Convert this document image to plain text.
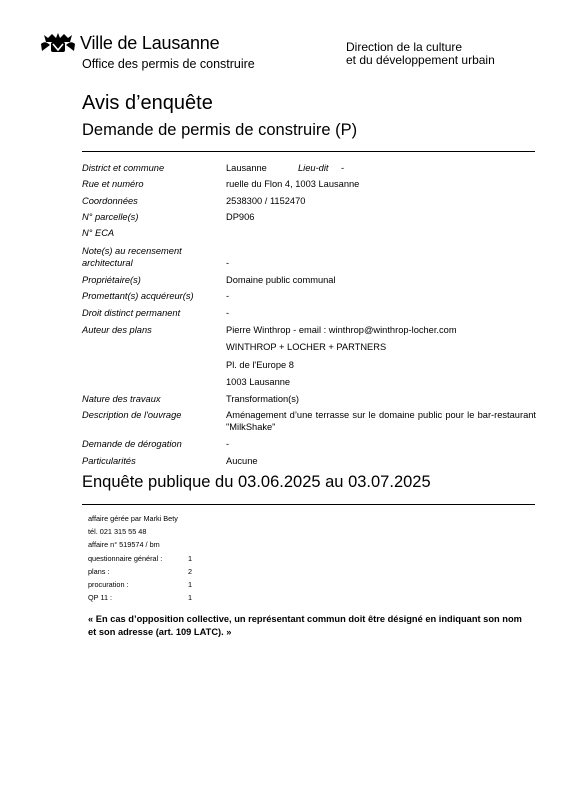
Ville de Lausanne
Office des permis de construire
Direction de la culture
et du développement urbain
Avis d’enquête
Demande de permis de construire (P)
District et commune	Lausanne	Lieu-dit -
Rue et numéro	ruelle du Flon 4, 1003 Lausanne
Coordonnées	2538300 / 1152470
N° parcelle(s)	DP906
N° ECA
Note(s) au recensement architectural	-
Propriétaire(s)	Domaine public communal
Promettant(s) acquéreur(s)	-
Droit distinct permanent	-
Auteur des plans	Pierre Winthrop - email : winthrop@winthrop-locher.com
WINTHROP + LOCHER + PARTNERS
Pl. de l'Europe 8
1003 Lausanne
Nature des travaux	Transformation(s)
Description de l'ouvrage	Aménagement d’une terrasse sur le domaine public pour le bar-restaurant "MilkShake"
Demande de dérogation	-
Particularités	Aucune
Enquête publique du 03.06.2025 au 03.07.2025
affaire gérée par Marki Bety
tél. 021 315 55 48
affaire n° 519574 / bm
questionnaire général :	1
plans :	2
procuration :	1
QP 11 :	1
« En cas d’opposition collective, un représentant commun doit être désigné en indiquant son nom et son adresse (art. 109 LATC). »
